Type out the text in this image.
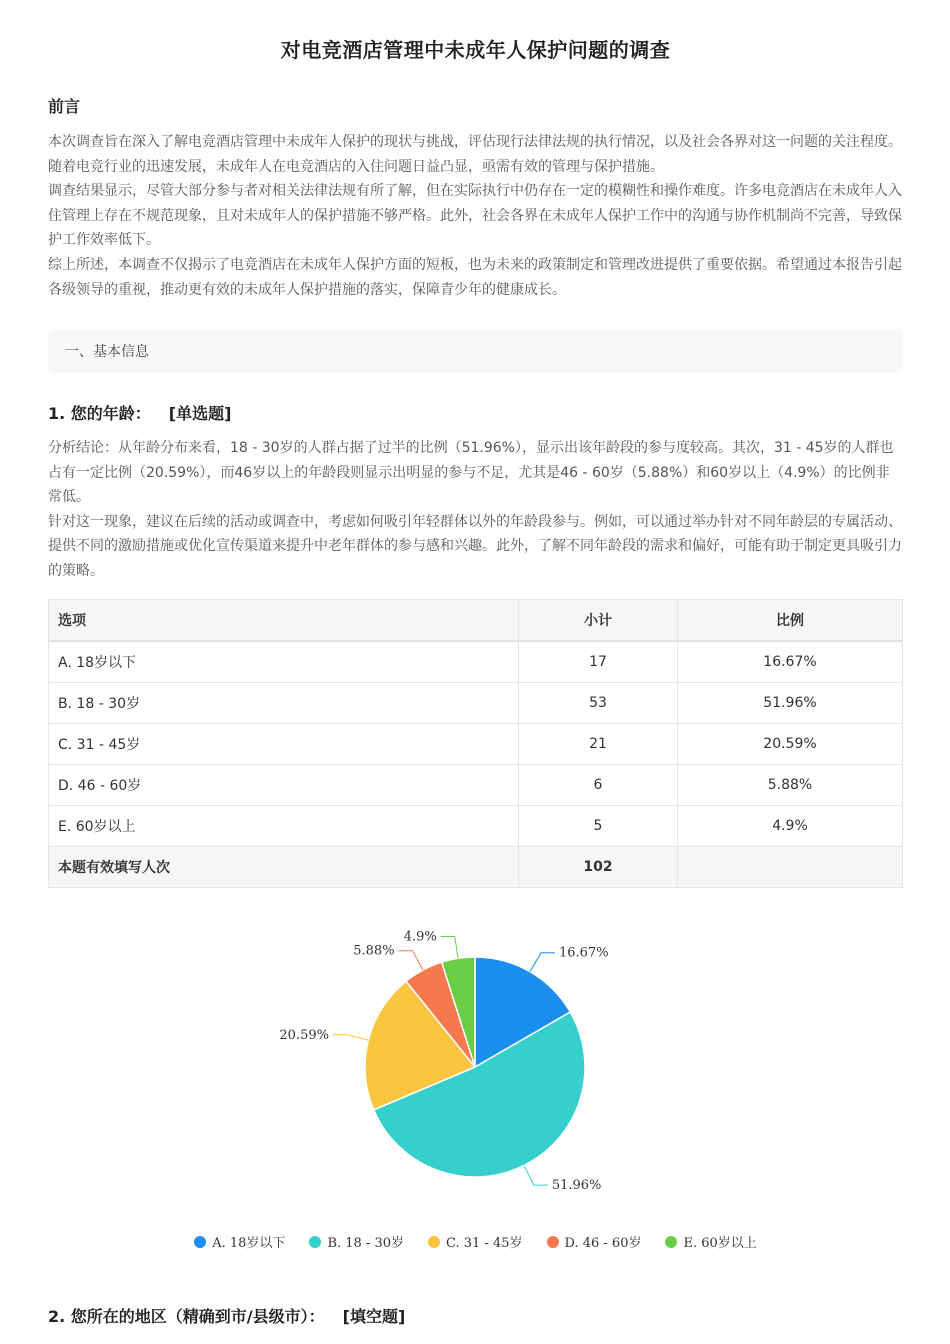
对电竞酒店管理中未成年人保护问题的调查
前言

本次调查旨在深入了解电竞酒店管理中未成年人保护的现状与挑战，评估现行法律法规的执行情况，以及社会各界对这一问题的关注程度。随着电竞行业的迅速发展，未成年人在电竞酒店的入住问题日益凸显，亟需有效的管理与保护措施。

调查结果显示，尽管大部分参与者对相关法律法规有所了解，但在实际执行中仍存在一定的模糊性和操作难度。许多电竞酒店在未成年人入住管理上存在不规范现象，且对未成年人的保护措施不够严格。此外，社会各界在未成年人保护工作中的沟通与协作机制尚不完善，导致保护工作效率低下。

综上所述，本调查不仅揭示了电竞酒店在未成年人保护方面的短板，也为未来的政策制定和管理改进提供了重要依据。希望通过本报告引起各级领导的重视，推动更有效的未成年人保护措施的落实，保障青少年的健康成长。

一、基本信息
1. 您的年龄： [单选题]

分析结论：从年龄分布来看，18 - 30岁的人群占据了过半的比例（51.96%），显示出该年龄段的参与度较高。其次，31 - 45岁的人群也占有一定比例（20.59%），而46岁以上的年龄段则显示出明显的参与不足，尤其是46 - 60岁（5.88%）和60岁以上（4.9%）的比例非常低。

针对这一现象，建议在后续的活动或调查中，考虑如何吸引年轻群体以外的年龄段参与。例如，可以通过举办针对不同年龄层的专属活动、提供不同的激励措施或优化宣传渠道来提升中老年群体的参与感和兴趣。此外，了解不同年龄段的需求和偏好，可能有助于制定更具吸引力的策略。

选项	小计	比例
A. 18岁以下	17	16.67%
B. 18 - 30岁	53	51.96%
C. 31 - 45岁	21	20.59%
D. 46 - 60岁	6	5.88%
E. 60岁以上	5	4.9%
本题有效填写人次	102	
16.67%
51.96%
20.59%
5.88%
4.9%
A. 18岁以下	B. 18 - 30岁	C. 31 - 45岁	D. 46 - 60岁	E. 60岁以上
2. 您所在的地区（精确到市/县级市）： [填空题]
